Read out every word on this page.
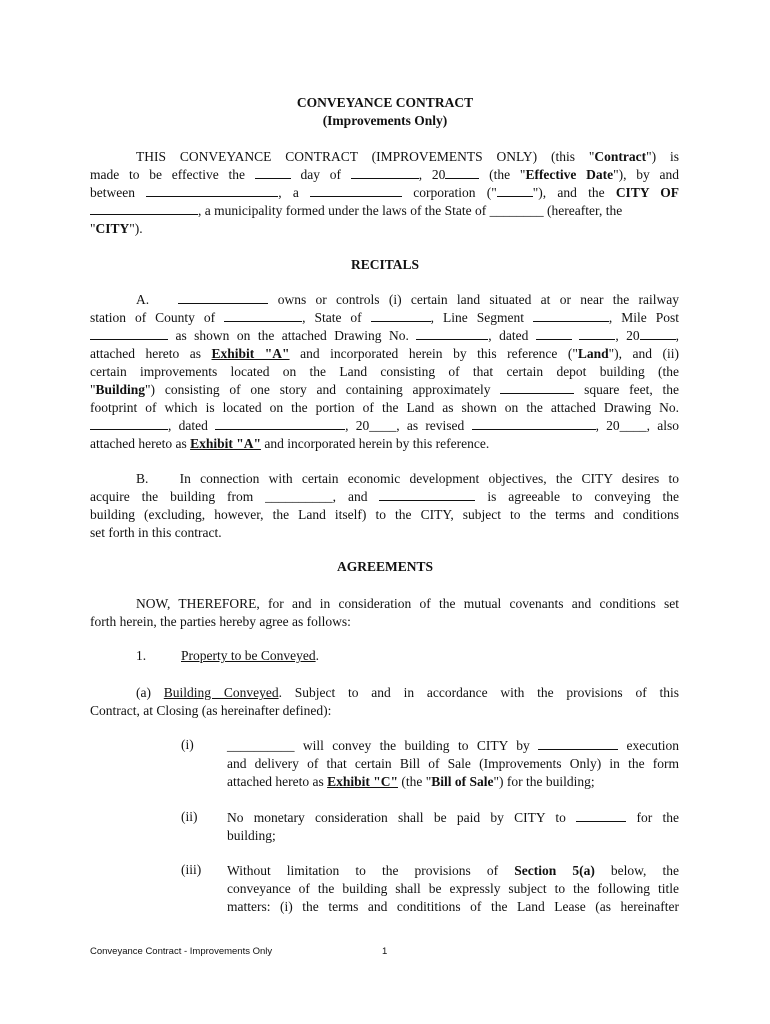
CONVEYANCE CONTRACT
(Improvements Only)
THIS CONVEYANCE CONTRACT (IMPROVEMENTS ONLY) (this "Contract") is
made to be effective the	day of	, 20	(the "Effective Date"), by and
between	, a	corporation ("	"), and the CITY OF
, a municipality formed under the laws of the State of ________ (hereafter, the
"CITY").
RECITALS
A.	owns or controls (i) certain land situated at or near the railway
station of County of	, State of	, Line Segment	, Mile Post
as shown on the attached Drawing No.	, dated	, 20	,
attached hereto as Exhibit "A" and incorporated herein by this reference ("Land"), and (ii)
certain improvements located on the Land consisting of that certain depot building (the
"Building") consisting of one story and containing approximately	square feet, the
footprint of which is located on the portion of the Land as shown on the attached Drawing No.
, dated	, 20____, as revised	, 20____, also
attached hereto as Exhibit "A" and incorporated herein by this reference.
B. In connection with certain economic development objectives, the CITY desires to
acquire the building from __________, and	is agreeable to conveying the
building (excluding, however, the Land itself) to the CITY, subject to the terms and conditions
set forth in this contract.
AGREEMENTS
NOW, THEREFORE, for and in consideration of the mutual covenants and conditions set
forth herein, the parties hereby agree as follows:
1.	Property to be Conveyed.
(a) Building Conveyed. Subject to and in accordance with the provisions of this
Contract, at Closing (as hereinafter defined):
(i) __________ will convey the building to CITY by	execution
and delivery of that certain Bill of Sale (Improvements Only) in the form
attached hereto as Exhibit "C" (the "Bill of Sale") for the building;
(ii) No monetary consideration shall be paid by CITY to	for the
building;
(iii) Without limitation to the provisions of Section 5(a) below, the
conveyance of the building shall be expressly subject to the following title
matters: (i) the terms and condititions of the Land Lease (as hereinafter
Conveyance Contract - Improvements Only	1
